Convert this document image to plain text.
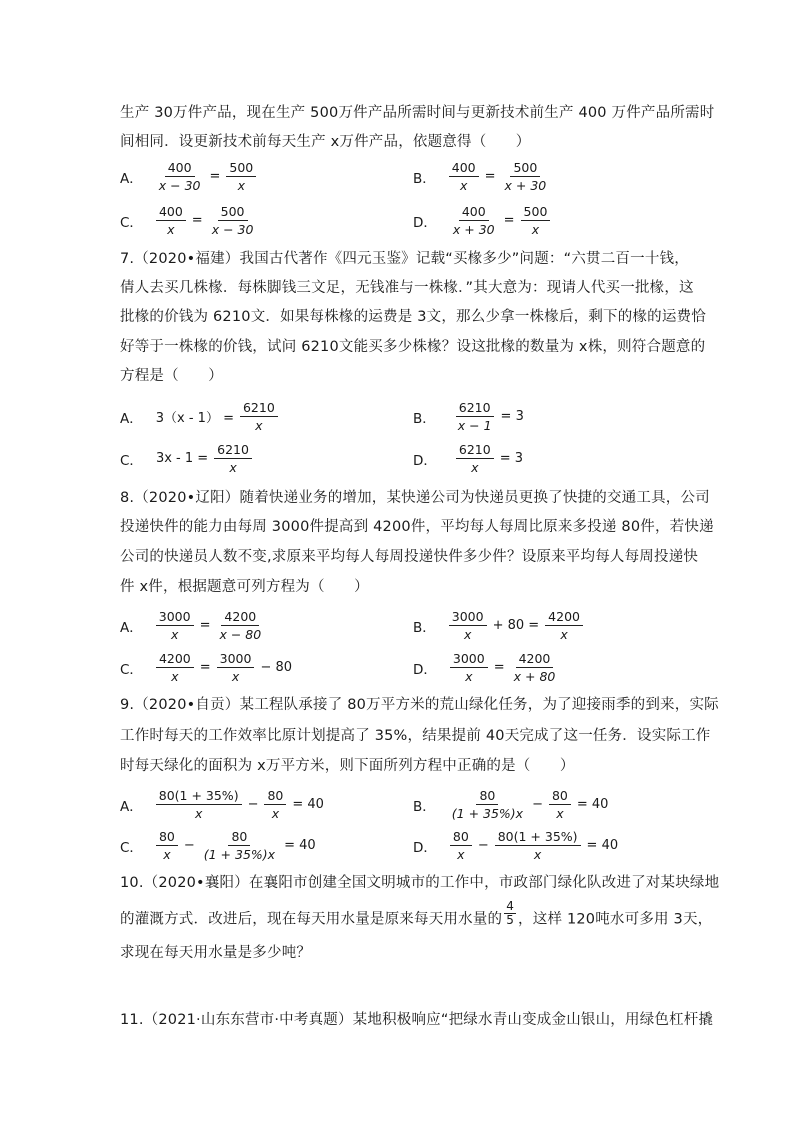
生产 30万件产品，现在生产 500万件产品所需时间与更新技术前生产 400 万件产品所需时
间相同．设更新技术前每天生产 x万件产品，依题意得（　　）
A． $\frac{400}{x - 30} = \frac{500}{x}$	B． $\frac{400}{x} = \frac{500}{x + 30}$
C． $\frac{400}{x} = \frac{500}{x - 30}$	D． $\frac{400}{x + 30} = \frac{500}{x}$
7.（2020•福建）我国古代著作《四元玉鉴》记载“买椽多少”问题：“六贯二百一十钱，
倩人去买几株椽．每株脚钱三文足，无钱准与一株椽．”其大意为：现请人代买一批椽，这
批椽的价钱为 6210文．如果每株椽的运费是 3文，那么少拿一株椽后，剩下的椽的运费恰
好等于一株椽的价钱，试问 6210文能买多少株椽？设这批椽的数量为 x株，则符合题意的
方程是（　　）
A． $3(x - 1) = \frac{6210}{x}$	B． $\frac{6210}{x - 1} = 3$
C． $3x - 1 = \frac{6210}{x}$	D． $\frac{6210}{x} = 3$
8.（2020•辽阳）随着快递业务的增加，某快递公司为快递员更换了快捷的交通工具，公司
投递快件的能力由每周 3000件提高到 4200件，平均每人每周比原来多投递 80件，若快递
公司的快递员人数不变,求原来平均每人每周投递快件多少件？设原来平均每人每周投递快
件 x件，根据题意可列方程为（　　）
A． $\frac{3000}{x} = \frac{4200}{x - 80}$	B． $\frac{3000}{x} + 80 = \frac{4200}{x}$
C． $\frac{4200}{x} = \frac{3000}{x} - 80$	D． $\frac{3000}{x} = \frac{4200}{x + 80}$
9.（2020•自贡）某工程队承接了 80万平方米的荒山绿化任务，为了迎接雨季的到来，实际
工作时每天的工作效率比原计划提高了 35%，结果提前 40天完成了这一任务．设实际工作
时每天绿化的面积为 x万平方米，则下面所列方程中正确的是（　　）
A． $\frac{80(1 + 35\%)}{x} - \frac{80}{x} = 40$	B． $\frac{80}{(1 + 35\%)x} - \frac{80}{x} = 40$
C． $\frac{80}{x} - \frac{80}{(1 + 35\%)x} = 40$	D． $\frac{80}{x} - \frac{80(1 + 35\%)}{x} = 40$
10.（2020•襄阳）在襄阳市创建全国文明城市的工作中，市政部门绿化队改进了对某块绿地
的灌溉方式．改进后，现在每天用水量是原来每天用水量的 $\frac{4}{5}$ ，这样 120吨水可多用 3天，
求现在每天用水量是多少吨？
11.（2021·山东东营市·中考真题）某地积极响应“把绿水青山变成金山银山，用绿色杠杆撬
